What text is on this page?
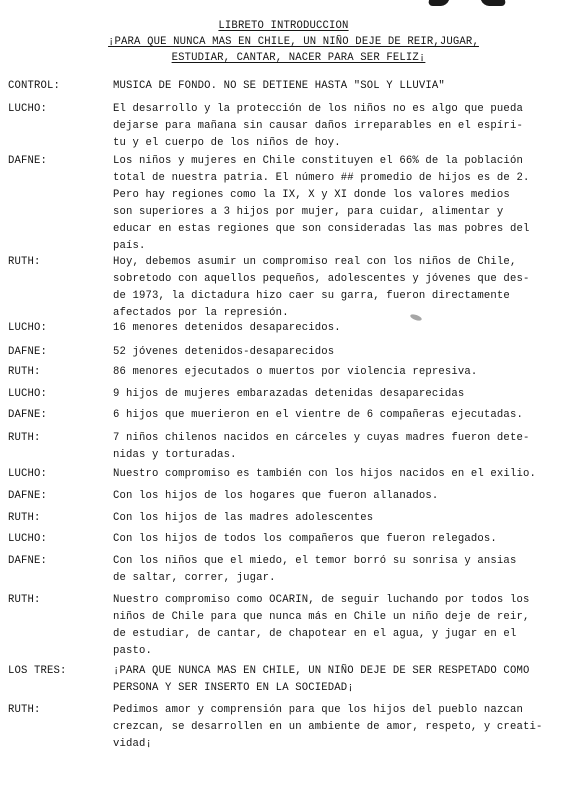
LIBRETO INTRODUCCION
¡PARA QUE NUNCA MAS EN CHILE, UN NIÑO DEJE DE REIR,JUGAR,
ESTUDIAR, CANTAR, NACER PARA SER FELIZ¡
CONTROL:	MUSICA DE FONDO. NO SE DETIENE HASTA "SOL Y LLUVIA"
LUCHO:	El desarrollo y la protección de los niños no es algo que pueda
dejarse para mañana sin causar daños irreparables en el espíri-
tu y el cuerpo de los niños de hoy.
DAFNE:	Los niños y mujeres en Chile constituyen el 66% de la población
total de nuestra patria. El número ## promedio de hijos es de 2.
Pero hay regiones como la IX, X y XI donde los valores medios
son superiores a 3 hijos por mujer, para cuidar, alimentar y
educar en estas regiones que son consideradas las mas pobres del
país.
RUTH:	Hoy, debemos asumir un compromiso real con los niños de Chile,
sobretodo con aquellos pequeños, adolescentes y jóvenes que des-
de 1973, la dictadura hizo caer su garra, fueron directamente
afectados por la represión.
LUCHO:	16 menores detenidos desaparecidos.
DAFNE:	52 jóvenes detenidos-desaparecidos
RUTH:	86 menores ejecutados o muertos por violencia represiva.
LUCHO:	9 hijos de mujeres embarazadas detenidas desaparecidas
DAFNE:	6 hijos que muerieron en el vientre de 6 compañeras ejecutadas.
RUTH:	7 niños chilenos nacidos en cárceles y cuyas madres fueron dete-
nidas y torturadas.
LUCHO:	Nuestro compromiso es también con los hijos nacidos en el exilio.
DAFNE:	Con los hijos de los hogares que fueron allanados.
RUTH:	Con los hijos de las madres adolescentes
LUCHO:	Con los hijos de todos los compañeros que fueron relegados.
DAFNE:	Con los niños que el miedo, el temor borró su sonrisa y ansias
de saltar, correr, jugar.
RUTH:	Nuestro compromiso como OCARIN, de seguir luchando por todos los
niños de Chile para que nunca más en Chile un niño deje de reir,
de estudiar, de cantar, de chapotear en el agua, y jugar en el
pasto.
LOS TRES:	¡PARA QUE NUNCA MAS EN CHILE, UN NIÑO DEJE DE SER RESPETADO COMO
PERSONA Y SER INSERTO EN LA SOCIEDAD¡
RUTH:	Pedimos amor y comprensión para que los hijos del pueblo nazcan
crezcan, se desarrollen en un ambiente de amor, respeto, y creati-
vidad¡
